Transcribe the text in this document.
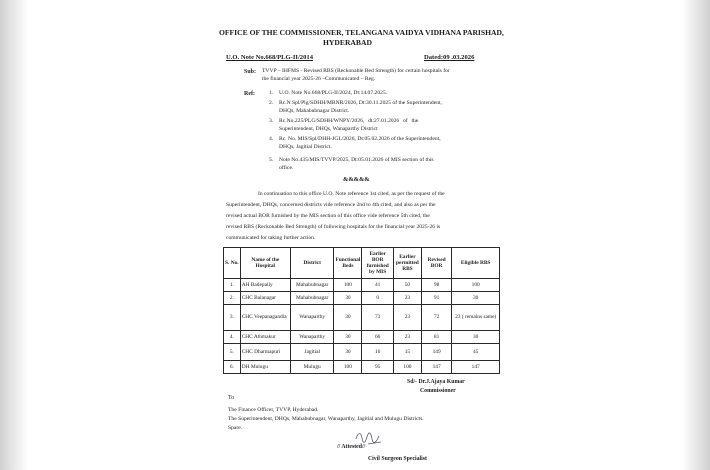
OFFICE OF THE COMMISSIONER, TELANGANA VAIDYA VIDHANA PARISHAD,
HYDERABAD
U.O. Note No.668/PLG-II/2014	Dated:09 .03.2026
Sub: TVVP – IHFMS - Revised RBS (Reckonable Bed Strength) for certain hospitals for
the financial year 2025-26 –Communicated – Reg.
Ref:	1. U.O. Note No.668/PLG-II/2024, Dt:14.07.2025.
2. Rc.N Spl/Plg/SDHH/MBNR/2026, Dt:30.11.2025 of the Superintendent,
DHQs, Mahabubnagar District.
3. Rc.No.225/PLG/SDHH/WNPY/2026, dt:27.01.2026 of the
Superintendent, DHQs, Wanaparthy District
4. Rc. No. MIS/Spl/DHH-JGL/2026, Dt:05.02.2026 of the Superintendent,
DHQs, Jagitial District.
5. Note No.435/MIS/TVVP/2025, Dt:05.01.2026 of MIS section of this
office.
&&&&&
In continuation to this office U.O. Note reference 1st cited, as per the request of the
Superintendent, DHQs, concerned districts vide reference 2nd to 4th cited, and also as per the
revised actual BOR furnished by the MIS section of this office vide reference 5th cited, the
revised RBS (Reckonable Bed Strength) of following hospitals for the financial year 2025-26 is
communicated for taking further action.
S. No.	Name of the Hospital	District	Functional Beds	Earlier BOR furnished by MIS	Earlier permitted RBS	Revised BOR	Eligible RBS
1.	AH Badepally	Mahabubnagar	100	41	50	98	100
2.	CHC Balanagar	Mahabubnagar	30	0	23	91	30
3.	CHC Veepanagandla	Wanaparthy	30	73	23	72	23 ( remains same)
4.	CHC Athmakur	Wanaparthy	30	66	23	81	30
5.	CHC Dharmapuri	Jagitial	30	16	15	149	45
6.	DH Mulugu	Mulugu	100	95	100	147	147
Sd/- Dr.J.Ajaya Kumar
Commissioner
To
The Finance Officer, TVVP, Hyderabad.
The Superintendent, DHQs, Mahabubnagar, Wanaparthy, Jagitial and Mulugu Districts.
Spare.
// Attested//
Civil Surgeon Specialist
